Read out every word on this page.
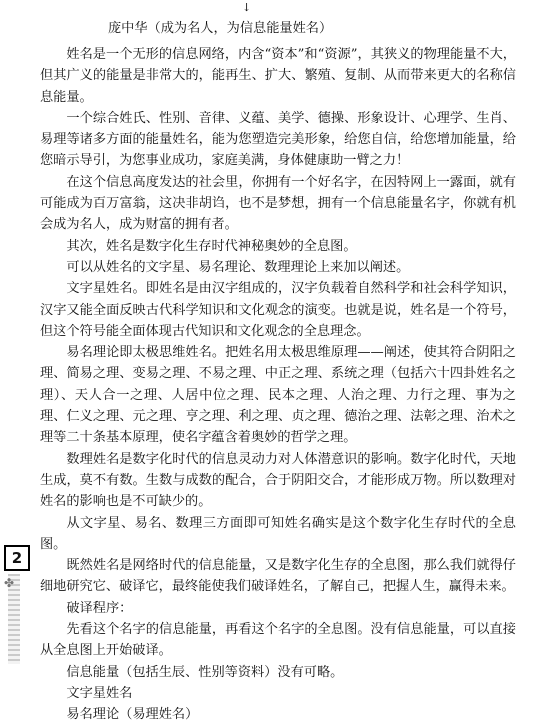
↓
庞中华（成为名人，为信息能量姓名）

姓名是一个无形的信息网络，内含“资本”和“资源”，其狭义的物理能量不大，但其广义的能量是非常大的，能再生、扩大、繁殖、复制、从而带来更大的名称信息能量。

一个综合姓氏、性别、音律、义蕴、美学、德操、形象设计、心理学、生肖、易理等诸多方面的能量姓名，能为您塑造完美形象，给您自信，给您增加能量，给您暗示导引，为您事业成功，家庭美满，身体健康助一臂之力！

在这个信息高度发达的社会里，你拥有一个好名字，在因特网上一露面，就有可能成为百万富翁，这决非胡诌，也不是梦想，拥有一个信息能量名字，你就有机会成为名人，成为财富的拥有者。

其次，姓名是数字化生存时代神秘奥妙的全息图。

可以从姓名的文字星、易名理论、数理理论上来加以阐述。

文字星姓名。即姓名是由汉字组成的，汉字负载着自然科学和社会科学知识，汉字又能全面反映古代科学知识和文化观念的演变。也就是说，姓名是一个符号，但这个符号能全面体现古代知识和文化观念的全息理念。

易名理论即太极思维姓名。把姓名用太极思维原理——阐述，使其符合阴阳之理、简易之理、变易之理、不易之理、中正之理、系统之理（包括六十四卦姓名之理）、天人合一之理、人居中位之理、民本之理、人治之理、力行之理、事为之理、仁义之理、元之理、亨之理、利之理、贞之理、德治之理、法彰之理、治术之理等二十条基本原理，使名字蕴含着奥妙的哲学之理。

数理姓名是数字化时代的信息灵动力对人体潜意识的影响。数字化时代，天地生成，莫不有数。生数与成数的配合，合于阴阳交合，才能形成万物。所以数理对姓名的影响也是不可缺少的。

从文字星、易名、数理三方面即可知姓名确实是这个数字化生存时代的全息图。

既然姓名是网络时代的信息能量，又是数字化生存的全息图，那么我们就得仔细地研究它、破译它，最终能使我们破译姓名，了解自己，把握人生，赢得未来。

破译程序：

先看这个名字的信息能量，再看这个名字的全息图。没有信息能量，可以直接从全息图上开始破译。

信息能量（包括生辰、性别等资料）没有可略。

文字星姓名

易名理论（易理姓名）

2
✤
